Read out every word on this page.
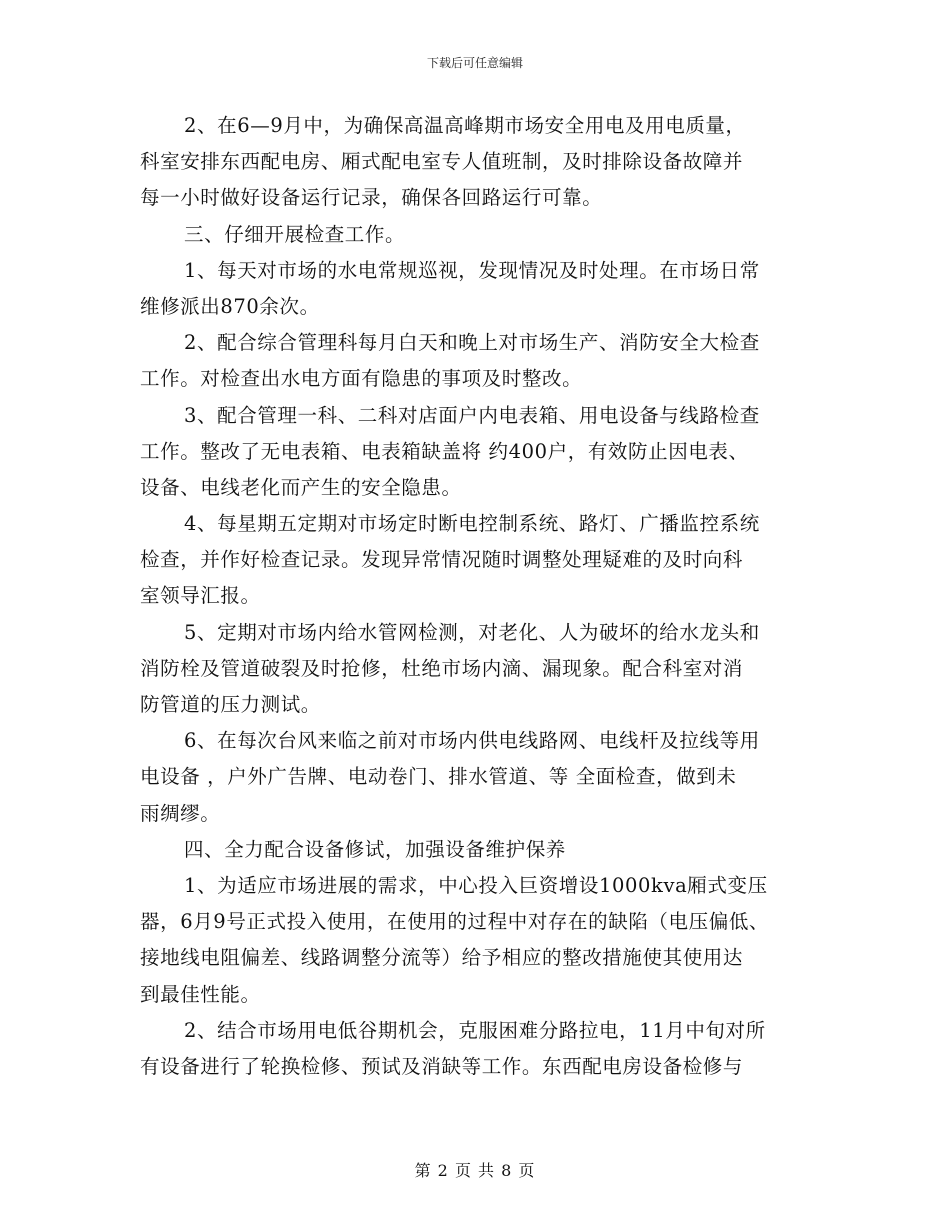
下载后可任意编辑
2、在6—9月中，为确保高温高峰期市场安全用电及用电质量，
科室安排东西配电房、厢式配电室专人值班制，及时排除设备故障并
每一小时做好设备运行记录，确保各回路运行可靠。
三、仔细开展检查工作。
1、每天对市场的水电常规巡视，发现情况及时处理。在市场日常
维修派出870余次。
2、配合综合管理科每月白天和晚上对市场生产、消防安全大检查
工作。对检查出水电方面有隐患的事项及时整改。
3、配合管理一科、二科对店面户内电表箱、用电设备与线路检查
工作。整改了无电表箱、电表箱缺盖将 约400户，有效防止因电表、
设备、电线老化而产生的安全隐患。
4、每星期五定期对市场定时断电控制系统、路灯、广播监控系统
检查，并作好检查记录。发现异常情况随时调整处理疑难的及时向科
室领导汇报。
5、定期对市场内给水管网检测，对老化、人为破坏的给水龙头和
消防栓及管道破裂及时抢修，杜绝市场内滴、漏现象。配合科室对消
防管道的压力测试。
6、在每次台风来临之前对市场内供电线路网、电线杆及拉线等用
电设备 ，户外广告牌、电动卷门、排水管道、等 全面检查，做到未
雨绸缪。
四、全力配合设备修试，加强设备维护保养
1、为适应市场进展的需求，中心投入巨资增设1000kva厢式变压
器，6月9号正式投入使用，在使用的过程中对存在的缺陷（电压偏低、
接地线电阻偏差、线路调整分流等）给予相应的整改措施使其使用达
到最佳性能。
2、结合市场用电低谷期机会，克服困难分路拉电，11月中旬对所
有设备进行了轮换检修、预试及消缺等工作。东西配电房设备检修与
第 2 页 共 8 页
